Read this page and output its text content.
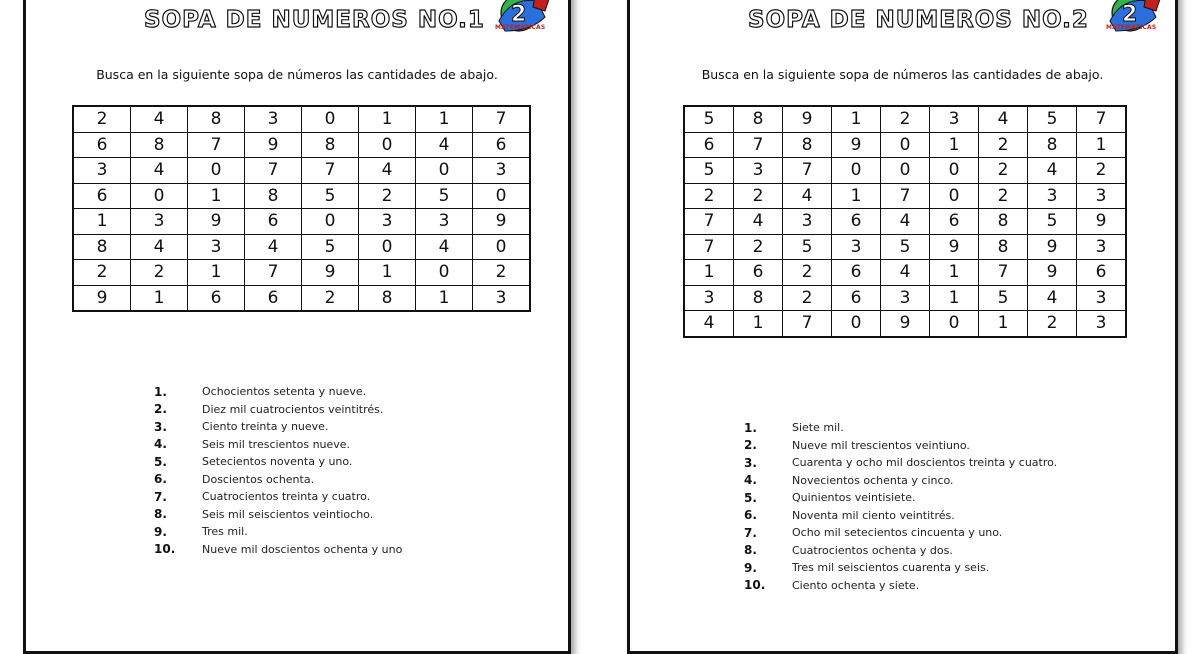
SOPA DE NUMEROS NO.1 2
MATEMATICAS
Busca en la siguiente sopa de números las cantidades de abajo.
2	4	8	3	0	1	1	7
6	8	7	9	8	0	4	6
3	4	0	7	7	4	0	3
6	0	1	8	5	2	5	0
1	3	9	6	0	3	3	9
8	4	3	4	5	0	4	0
2	2	1	7	9	1	0	2
9	1	6	6	2	8	1	3
1.	Ochocientos setenta y nueve.
2.	Diez mil cuatrocientos veintitrés.
3.	Ciento treinta y nueve.
4.	Seis mil trescientos nueve.
5.	Setecientos noventa y uno.
6.	Doscientos ochenta.
7.	Cuatrocientos treinta y cuatro.
8.	Seis mil seiscientos veintiocho.
9.	Tres mil.
10.	Nueve mil doscientos ochenta y uno
SOPA DE NUMEROS NO.2 2
MATEMATICAS
Busca en la siguiente sopa de números las cantidades de abajo.
5	8	9	1	2	3	4	5	7
6	7	8	9	0	1	2	8	1
5	3	7	0	0	0	2	4	2
2	2	4	1	7	0	2	3	3
7	4	3	6	4	6	8	5	9
7	2	5	3	5	9	8	9	3
1	6	2	6	4	1	7	9	6
3	8	2	6	3	1	5	4	3
4	1	7	0	9	0	1	2	3
1.	Siete mil.
2.	Nueve mil trescientos veintiuno.
3.	Cuarenta y ocho mil doscientos treinta y cuatro.
4.	Novecientos ochenta y cinco.
5.	Quinientos veintisiete.
6.	Noventa mil ciento veintitrés.
7.	Ocho mil setecientos cincuenta y uno.
8.	Cuatrocientos ochenta y dos.
9.	Tres mil seiscientos cuarenta y seis.
10.	Ciento ochenta y siete.
